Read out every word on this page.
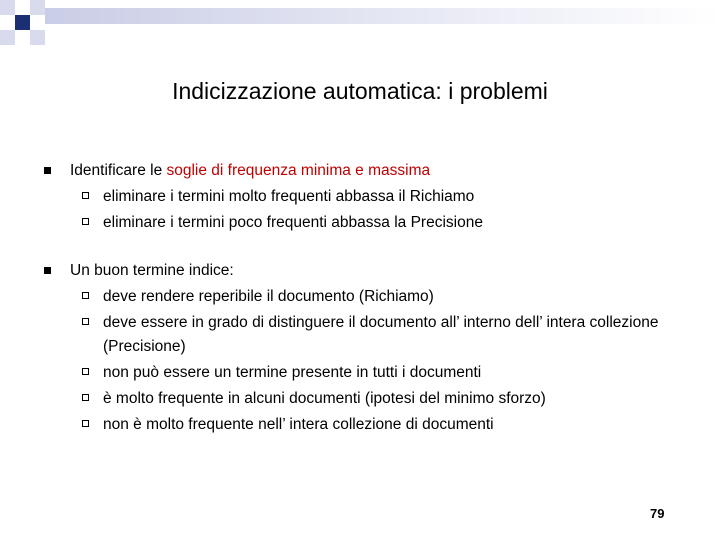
Indicizzazione automatica: i problemi
Identificare le soglie di frequenza minima e massima
eliminare i termini molto frequenti abbassa il Richiamo
eliminare i termini poco frequenti abbassa la Precisione
Un buon termine indice:
deve rendere reperibile il documento (Richiamo)
deve essere in grado di distinguere il documento all’ interno dell’ intera collezione (Precisione)
non può essere un termine presente in tutti i documenti
è molto frequente in alcuni documenti (ipotesi del minimo sforzo)
non è molto frequente nell’ intera collezione di documenti
79
